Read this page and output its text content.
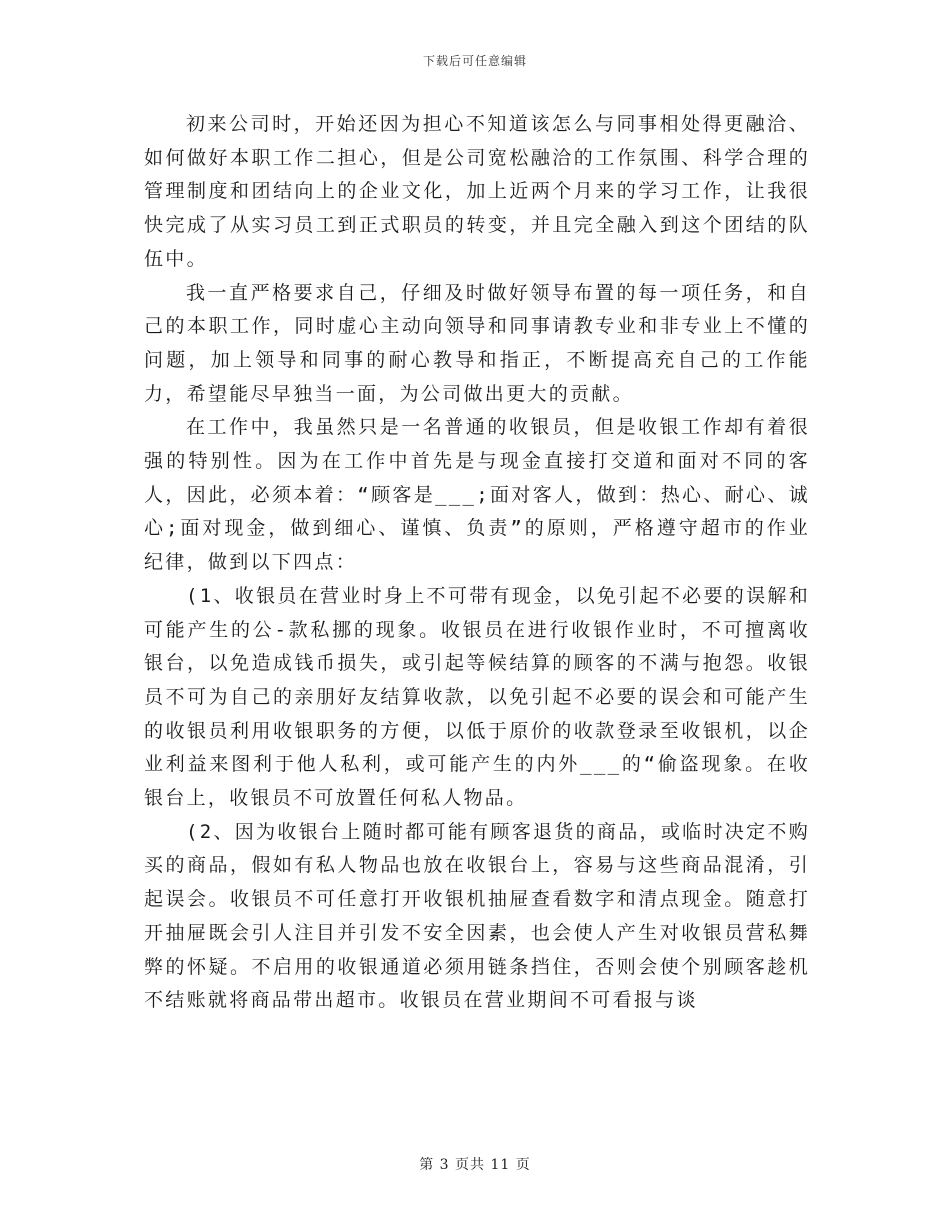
下载后可任意编辑

初来公司时，开始还因为担心不知道该怎么与同事相处得更融洽、如何做好本职工作二担心，但是公司宽松融洽的工作氛围、科学合理的管理制度和团结向上的企业文化，加上近两个月来的学习工作，让我很快完成了从实习员工到正式职员的转变，并且完全融入到这个团结的队伍中。

我一直严格要求自己，仔细及时做好领导布置的每一项任务，和自己的本职工作，同时虚心主动向领导和同事请教专业和非专业上不懂的问题，加上领导和同事的耐心教导和指正，不断提高充自己的工作能力，希望能尽早独当一面，为公司做出更大的贡献。

在工作中，我虽然只是一名普通的收银员，但是收银工作却有着很强的特别性。因为在工作中首先是与现金直接打交道和面对不同的客人，因此，必须本着：“顾客是___;面对客人，做到：热心、耐心、诚心;面对现金，做到细心、谨慎、负责”的原则，严格遵守超市的作业纪律，做到以下四点：

(1、收银员在营业时身上不可带有现金，以免引起不必要的误解和可能产生的公-款私挪的现象。收银员在进行收银作业时，不可擅离收银台，以免造成钱币损失，或引起等候结算的顾客的不满与抱怨。收银员不可为自己的亲朋好友结算收款，以免引起不必要的误会和可能产生的收银员利用收银职务的方便，以低于原价的收款登录至收银机，以企业利益来图利于他人私利，或可能产生的内外___的“偷盗现象。在收银台上，收银员不可放置任何私人物品。

(2、因为收银台上随时都可能有顾客退货的商品，或临时决定不购买的商品，假如有私人物品也放在收银台上，容易与这些商品混淆，引起误会。收银员不可任意打开收银机抽屉查看数字和清点现金。随意打开抽屉既会引人注目并引发不安全因素，也会使人产生对收银员营私舞弊的怀疑。不启用的收银通道必须用链条挡住，否则会使个别顾客趁机不结账就将商品带出超市。收银员在营业期间不可看报与谈

第 3 页共 11 页
